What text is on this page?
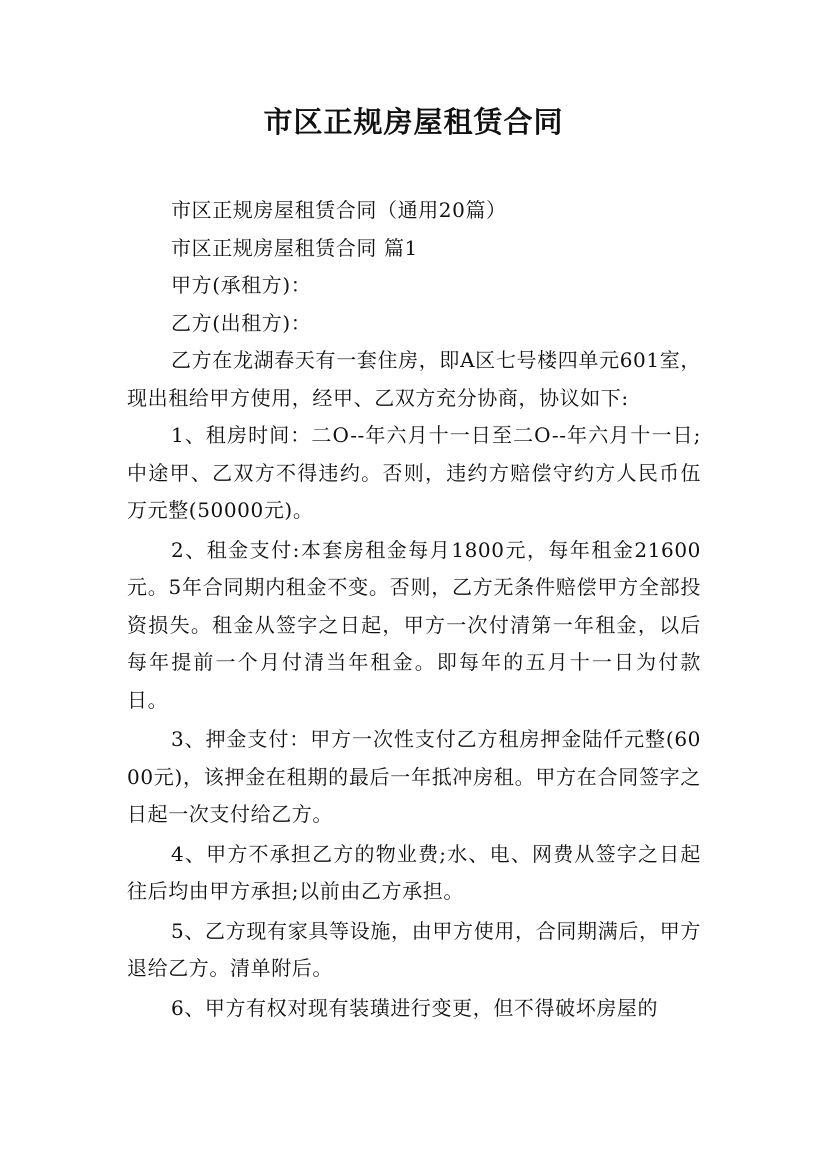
市区正规房屋租赁合同

市区正规房屋租赁合同（通用20篇）

市区正规房屋租赁合同 篇1

甲方(承租方)：

乙方(出租方)：

乙方在龙湖春天有一套住房，即A区七号楼四单元601室，现出租给甲方使用，经甲、乙双方充分协商，协议如下:

1、租房时间：二O--年六月十一日至二O--年六月十一日;中途甲、乙双方不得违约。否则，违约方赔偿守约方人民币伍万元整(50000元)。

2、租金支付:本套房租金每月1800元，每年租金21600元。5年合同期内租金不变。否则，乙方无条件赔偿甲方全部投资损失。租金从签字之日起，甲方一次付清第一年租金，以后每年提前一个月付清当年租金。即每年的五月十一日为付款日。

3、押金支付：甲方一次性支付乙方租房押金陆仟元整(6000元)，该押金在租期的最后一年抵冲房租。甲方在合同签字之日起一次支付给乙方。

4、甲方不承担乙方的物业费;水、电、网费从签字之日起往后均由甲方承担;以前由乙方承担。

5、乙方现有家具等设施，由甲方使用，合同期满后，甲方退给乙方。清单附后。

6、甲方有权对现有装璜进行变更，但不得破坏房屋的
